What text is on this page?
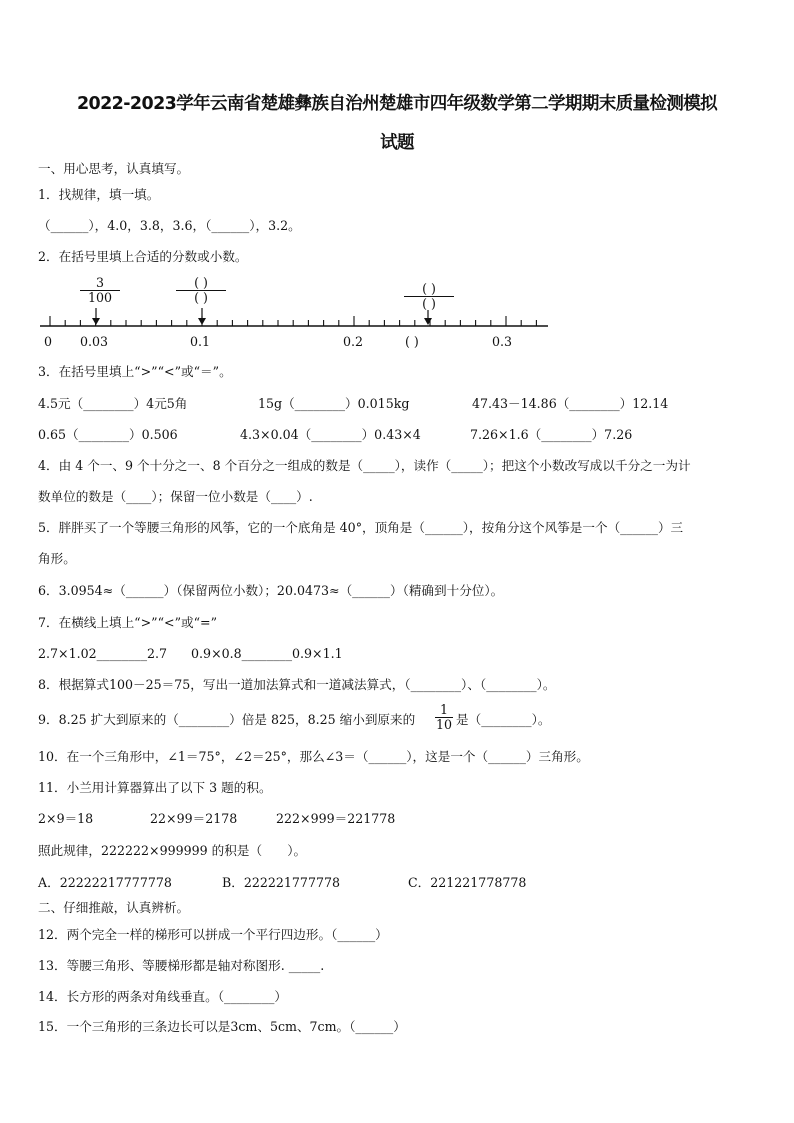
2022-2023学年云南省楚雄彝族自治州楚雄市四年级数学第二学期期末质量检测模拟
试题
一、用心思考，认真填写。
1．找规律，填一填。
（______），4.0，3.8，3.6，（______），3.2。
2．在括号里填上合适的分数或小数。
3
100
( )
( )
( )
( )
0 0.03	0.1	0.2	( )	0.3
3．在括号里填上“>”“<”或“＝”。
4.5元（________）4元5角	15g（________）0.015kg	47.43－14.86（________）12.14
0.65（________）0.506	4.3×0.04（________）0.43×4	7.26×1.6（________）7.26
4．由 4 个一、9 个十分之一、8 个百分之一组成的数是（_____），读作（_____）；把这个小数改写成以千分之一为计
数单位的数是（____）；保留一位小数是（____）.
5．胖胖买了一个等腰三角形的风筝，它的一个底角是 40°，顶角是（______），按角分这个风筝是一个（______）三
角形。
6．3.0954≈（______）（保留两位小数）；20.0473≈（______）（精确到十分位）。
7．在横线上填上“>”“<”或“=”
2.7×1.02________2.7      0.9×0.8________0.9×1.1
8．根据算式100－25＝75，写出一道加法算式和一道减法算式，（________）、（________）。
9．8.25 扩大到原来的（________）倍是 825，8.25 缩小到原来的
1
10 是（________）。
10．在一个三角形中，∠1＝75°，∠2＝25°，那么∠3＝（______），这是一个（______）三角形。
11．小兰用计算器算出了以下 3 题的积。
2×9＝18	22×99＝2178	222×999＝221778
照此规律，222222×999999 的积是（　　）。
A．22222217777778	B．222221777778	C．221221778778
二、仔细推敲，认真辨析。
12．两个完全一样的梯形可以拼成一个平行四边形。（______）
13．等腰三角形、等腰梯形都是轴对称图形. _____.
14．长方形的两条对角线垂直。（________）
15．一个三角形的三条边长可以是3cm、5cm、7cm。（______）
